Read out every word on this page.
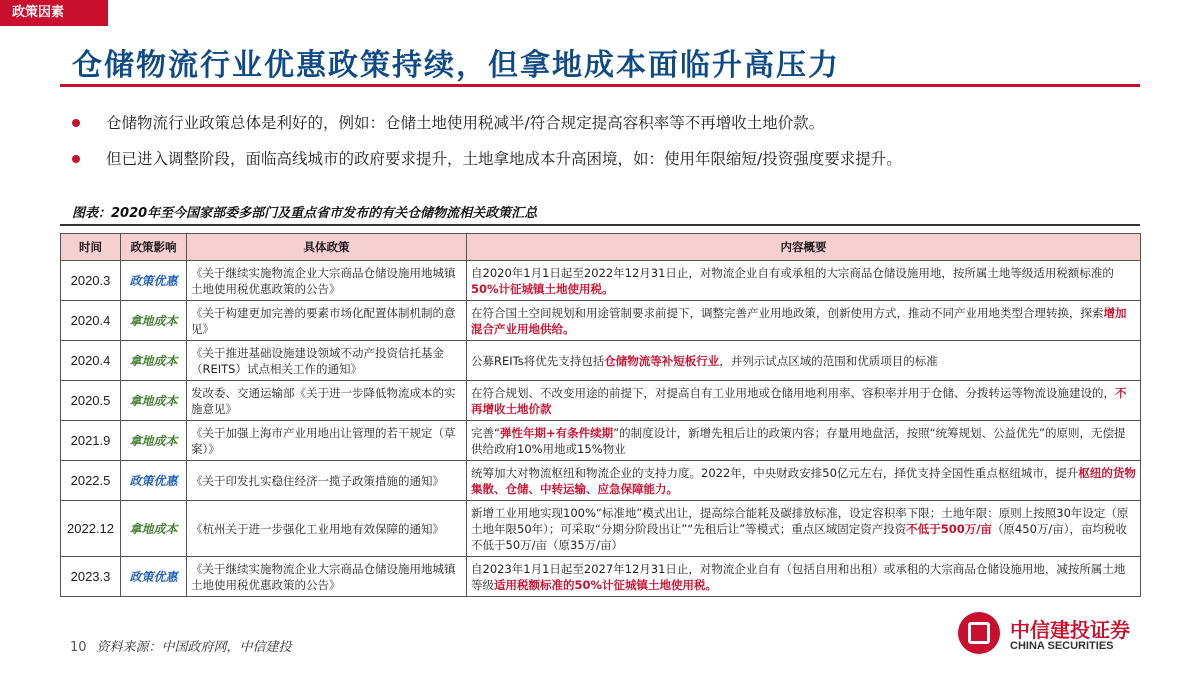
政策因素
仓储物流行业优惠政策持续，但拿地成本面临升高压力
仓储物流行业政策总体是利好的，例如：仓储土地使用税减半/符合规定提高容积率等不再增收土地价款。
但已进入调整阶段，面临高线城市的政府要求提升，土地拿地成本升高困境，如：使用年限缩短/投资强度要求提升。
图表：2020年至今国家部委多部门及重点省市发布的有关仓储物流相关政策汇总
时间	政策影响	具体政策	内容概要
2020.3	政策优惠	《关于继续实施物流企业大宗商品仓储设施用地城镇土地使用税优惠政策的公告》	自2020年1月1日起至2022年12月31日止，对物流企业自有或承租的大宗商品仓储设施用地，按所属土地等级适用税额标准的50%计征城镇土地使用税。
2020.4	拿地成本	《关于构建更加完善的要素市场化配置体制机制的意见》	在符合国土空间规划和用途管制要求前提下，调整完善产业用地政策，创新使用方式，推动不同产业用地类型合理转换，探索增加混合产业用地供给。
2020.4	拿地成本	《关于推进基础设施建设领域不动产投资信托基金（REITS）试点相关工作的通知》	公募REITs将优先支持包括仓储物流等补短板行业，并列示试点区域的范围和优质项目的标准
2020.5	拿地成本	发改委、交通运输部《关于进一步降低物流成本的实施意见》	在符合规划、不改变用途的前提下，对提高自有工业用地或仓储用地利用率、容积率并用于仓储、分拨转运等物流设施建设的，不再增收土地价款
2021.9	拿地成本	《关于加强上海市产业用地出让管理的若干规定（草案）》	完善“弹性年期+有条件续期”的制度设计，新增先租后让的政策内容；存量用地盘活，按照“统筹规划、公益优先”的原则，无偿提供给政府10%用地或15%物业
2022.5	政策优惠	《关于印发扎实稳住经济一揽子政策措施的通知》	统筹加大对物流枢纽和物流企业的支持力度。2022年，中央财政安排50亿元左右，择优支持全国性重点枢纽城市，提升枢纽的货物集散、仓储、中转运输、应急保障能力。
2022.12	拿地成本	《杭州关于进一步强化工业用地有效保障的通知》	新增工业用地实现100%“标准地”模式出让，提高综合能耗及碳排放标准，设定容积率下限；土地年限：原则上按照30年设定（原土地年限50年）；可采取“分期分阶段出让”“先租后让”等模式；重点区域固定资产投资不低于500万/亩（原450万/亩），亩均税收不低于50万/亩（原35万/亩）
2023.3	政策优惠	《关于继续实施物流企业大宗商品仓储设施用地城镇土地使用税优惠政策的公告》	自2023年1月1日起至2027年12月31日止，对物流企业自有（包括自用和出租）或承租的大宗商品仓储设施用地，减按所属土地等级适用税额标准的50%计征城镇土地使用税。
10 资料来源：中国政府网，中信建投
中信建投证券
CHINA SECURITIES
